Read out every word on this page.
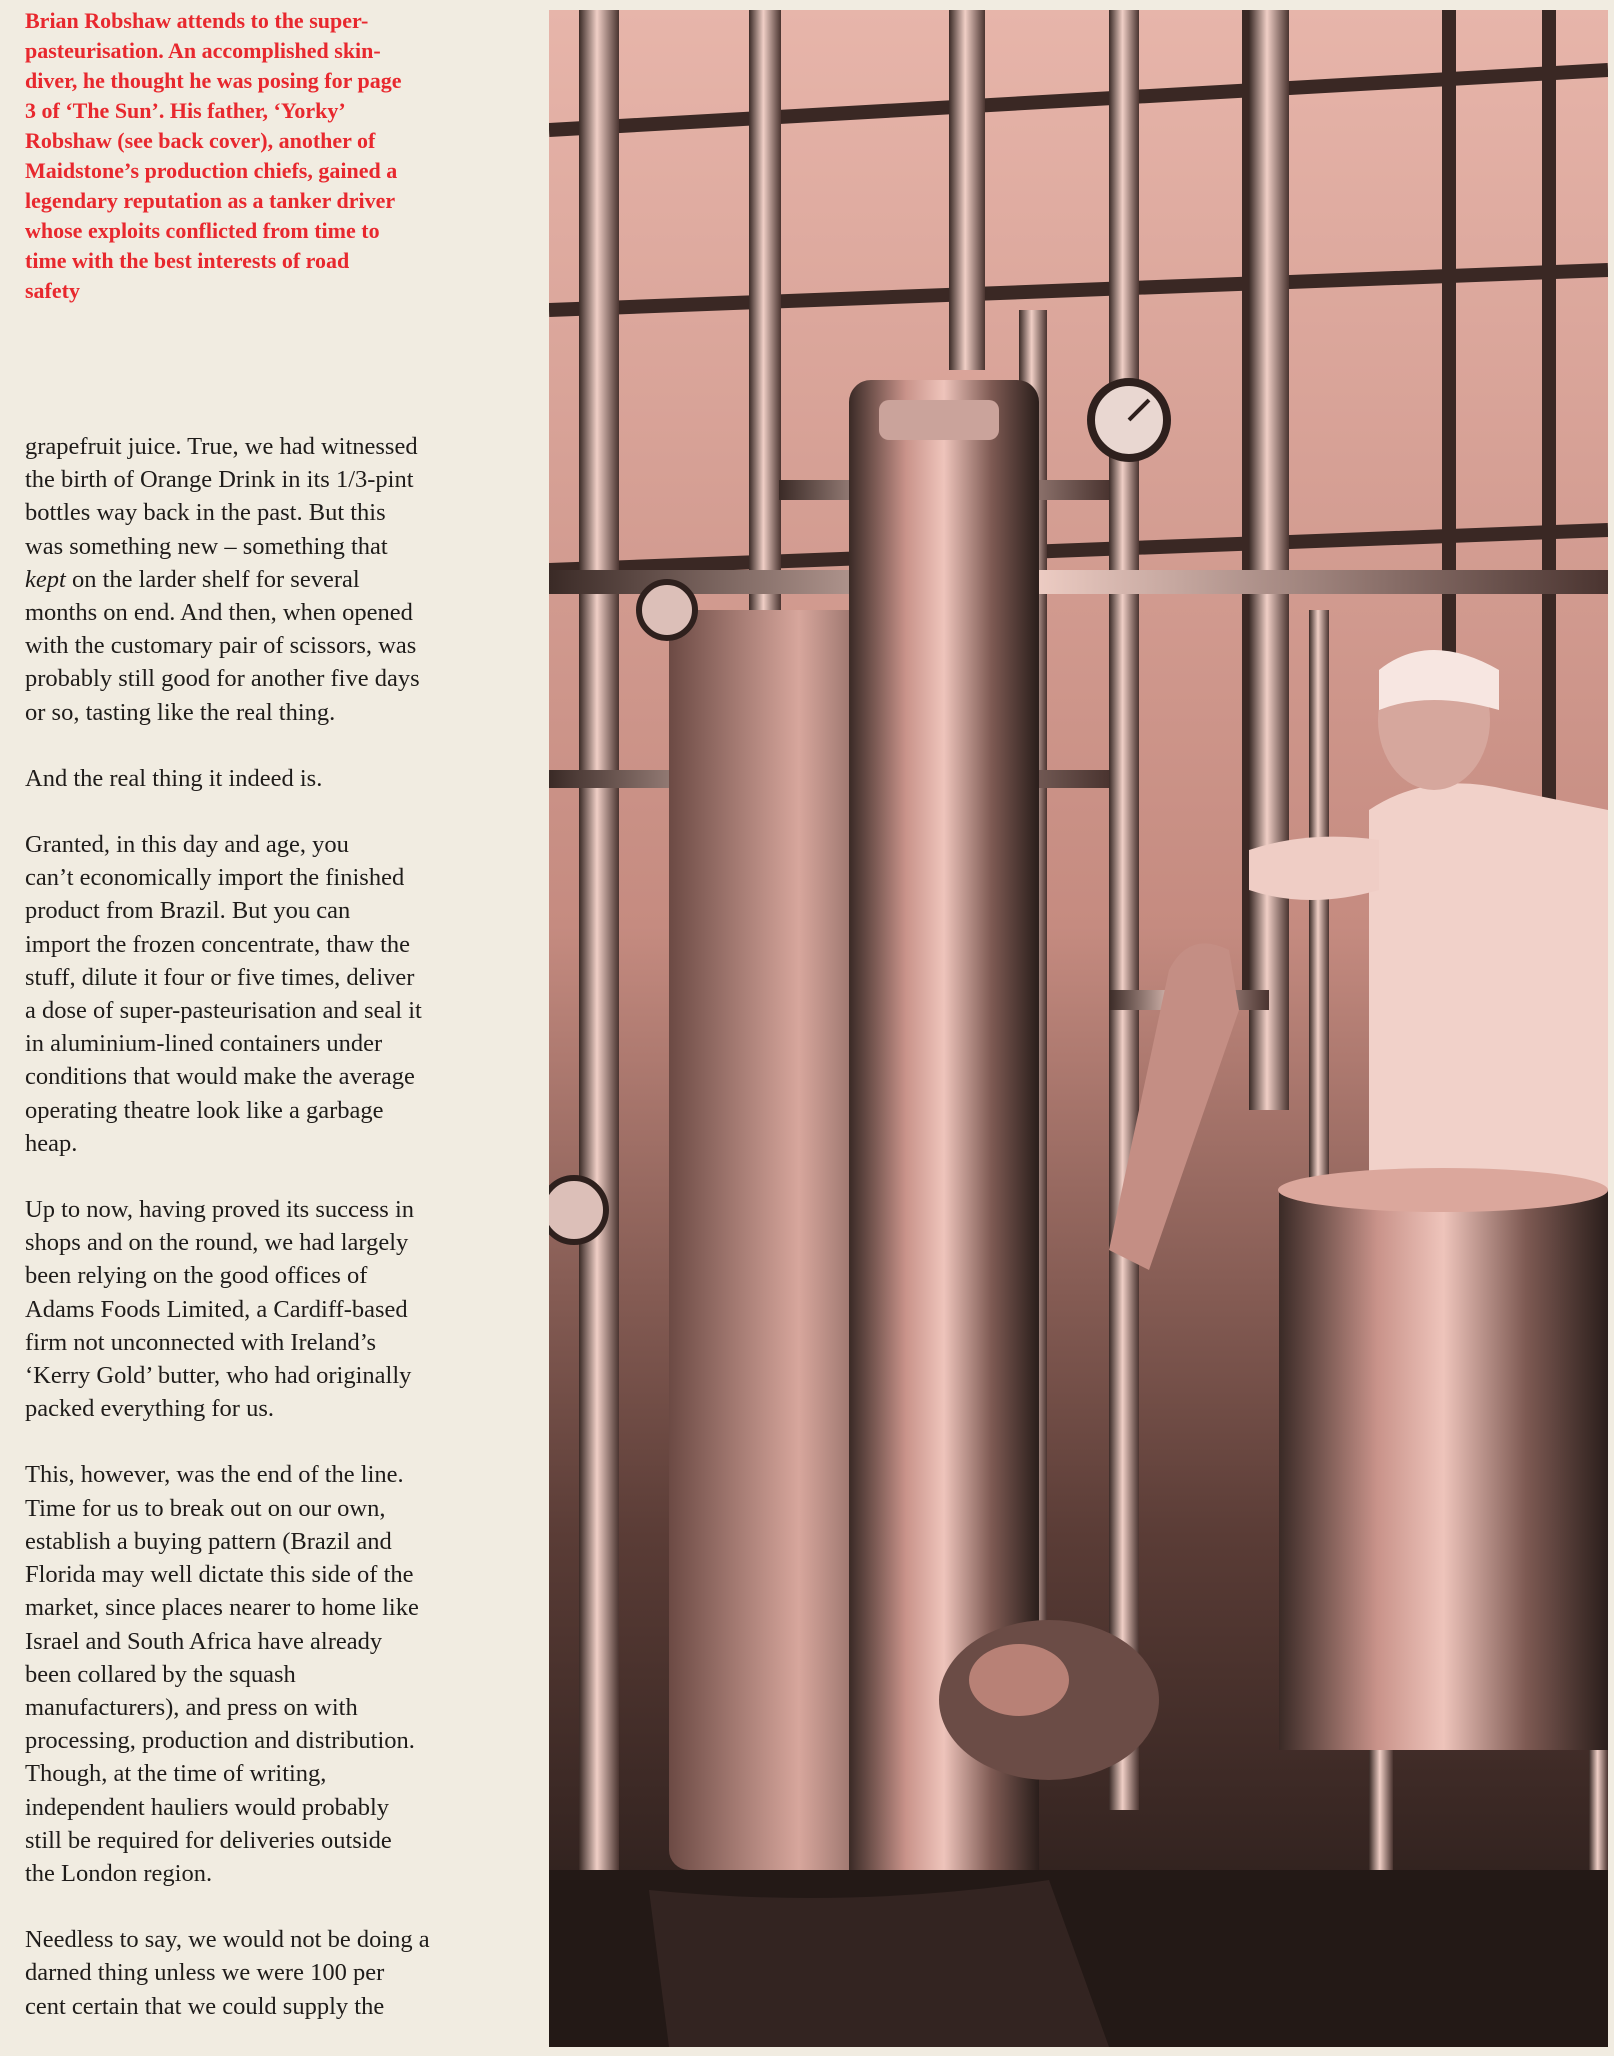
Brian Robshaw attends to the super-
pasteurisation. An accomplished skin-
diver, he thought he was posing for page
3 of ‘The Sun’. His father, ‘Yorky’
Robshaw (see back cover), another of
Maidstone’s production chiefs, gained a
legendary reputation as a tanker driver
whose exploits conflicted from time to
time with the best interests of road
safety

grapefruit juice. True, we had witnessed
the birth of Orange Drink in its 1/3-pint
bottles way back in the past. But this
was something new – something that
kept on the larder shelf for several
months on end. And then, when opened
with the customary pair of scissors, was
probably still good for another five days
or so, tasting like the real thing.

And the real thing it indeed is.

Granted, in this day and age, you
can’t economically import the finished
product from Brazil. But you can
import the frozen concentrate, thaw the
stuff, dilute it four or five times, deliver
a dose of super-pasteurisation and seal it
in aluminium-lined containers under
conditions that would make the average
operating theatre look like a garbage
heap.

Up to now, having proved its success in
shops and on the round, we had largely
been relying on the good offices of
Adams Foods Limited, a Cardiff-based
firm not unconnected with Ireland’s
‘Kerry Gold’ butter, who had originally
packed everything for us.

This, however, was the end of the line.
Time for us to break out on our own,
establish a buying pattern (Brazil and
Florida may well dictate this side of the
market, since places nearer to home like
Israel and South Africa have already
been collared by the squash
manufacturers), and press on with
processing, production and distribution.
Though, at the time of writing,
independent hauliers would probably
still be required for deliveries outside
the London region.

Needless to say, we would not be doing a
darned thing unless we were 100 per
cent certain that we could supply the
